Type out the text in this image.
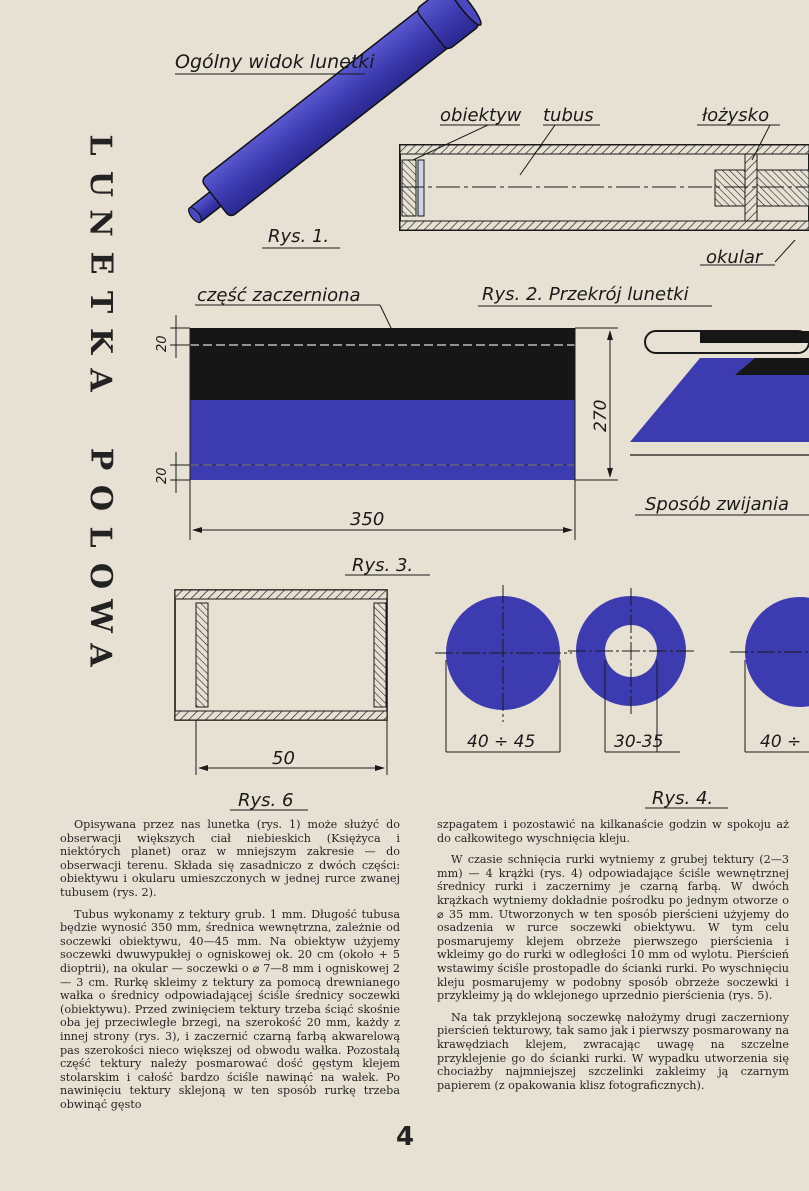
Ogólny widok lunetki
Rys. 1.
obiektyw tubus	łożysko
okular
część zaczerniona	Rys. 2. Przekrój lunetki
20
20
270
350
Rys. 3.
Sposób zwijania
50
Rys. 6
40 ÷ 45	30-35	40 ÷
Rys. 4.
L
U
N
E
T
K
A

P
O
L
O
W
A

Opisywana przez nas lunetka (rys. 1) może służyć do obserwacji większych ciał niebieskich (Księżyca i niektórych planet) oraz w mniejszym zakresie — do obserwacji terenu. Składa się zasadniczo z dwóch części: obiektywu i okularu umieszczonych w jednej rurce zwanej tubusem (rys. 2).

Tubus wykonamy z tektury grub. 1 mm. Długość tubusa będzie wynosić 350 mm, średnica wewnętrzna, zależnie od soczewki obiektywu, 40—45 mm. Na obiektyw użyjemy soczewki dwuwypukłej o ogniskowej ok. 20 cm (około + 5 dioptrii), na okular — soczewki o ⌀ 7—8 mm i ogniskowej 2 — 3 cm. Rurkę skleimy z tektury za pomocą drewnianego wałka o średnicy odpowiadającej ściśle średnicy soczewki (obiektywu). Przed zwinięciem tektury trzeba ściąć skośnie oba jej przeciwległe brzegi, na szerokość 20 mm, każdy z innej strony (rys. 3), i zaczernić czarną farbą akwarelową pas szerokości nieco większej od obwodu wałka. Pozostałą część tektury należy posmarować dość gęstym klejem stolarskim i całość bardzo ściśle nawinąć na wałek. Po nawinięciu tektury sklejoną w ten sposób rurkę trzeba obwinąć gęsto

szpagatem i pozostawić na kilkanaście godzin w spokoju aż do całkowitego wyschnięcia kleju.

W czasie schnięcia rurki wytniemy z grubej tektury (2—3 mm) — 4 krążki (rys. 4) odpowiadające ściśle wewnętrznej średnicy rurki i zaczernimy je czarną farbą. W dwóch krążkach wytniemy dokładnie pośrodku po jednym otworze o ⌀ 35 mm. Utworzonych w ten sposób pierścieni użyjemy do osadzenia w rurce soczewki obiektywu. W tym celu posmarujemy klejem obrzeże pierwszego pierścienia i wkleimy go do rurki w odległości 10 mm od wylotu. Pierścień wstawimy ściśle prostopadle do ścianki rurki. Po wyschnięciu kleju posmarujemy w podobny sposób obrzeże soczewki i przykleimy ją do wklejonego uprzednio pierścienia (rys. 5).

Na tak przyklejoną soczewkę nałożymy drugi zaczerniony pierścień tekturowy, tak samo jak i pierwszy posmarowany na krawędziach klejem, zwracając uwagę na szczelne przyklejenie go do ścianki rurki. W wypadku utworzenia się chociażby najmniejszej szczelinki zakleimy ją czarnym papierem (z opakowania klisz fotograficznych).

4
